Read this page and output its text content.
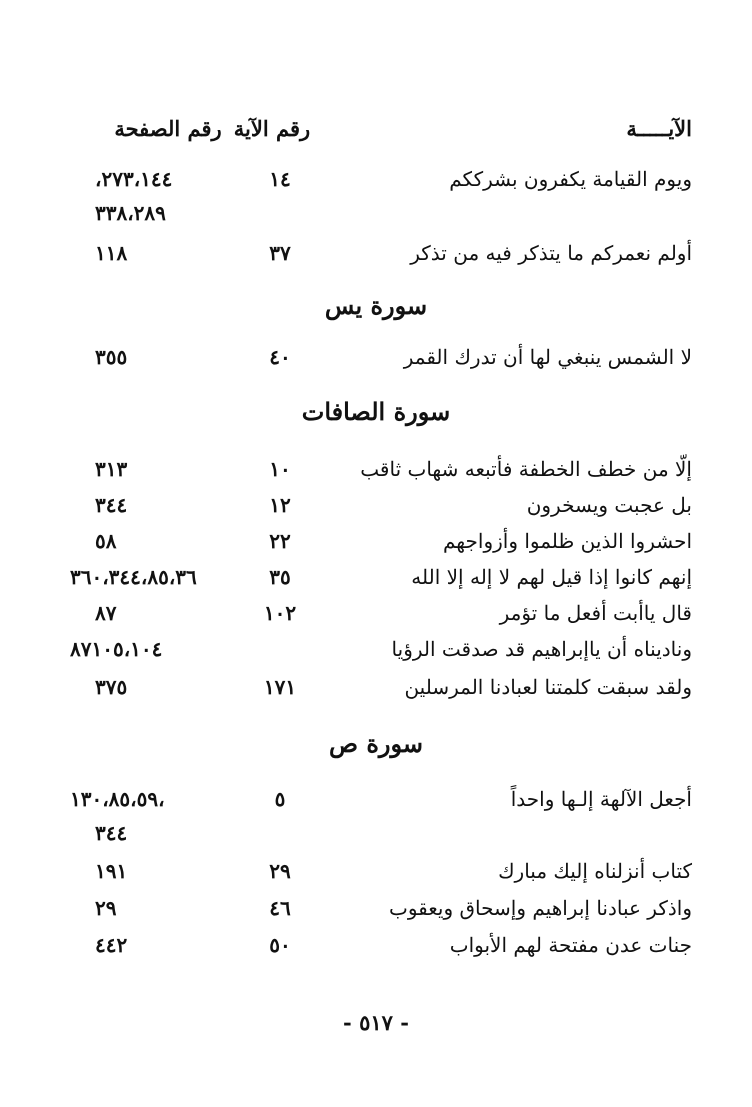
الآيـــــة
رقم الآية
رقم الصفحة
ويوم القيامة يكفرون بشرككم
١٤
٢٧٣،١٤٤،
٣٣٨،٢٨٩
أولم نعمركم ما يتذكر فيه من تذكر
٣٧
١١٨
سورة يس
لا الشمس ينبغي لها أن تدرك القمر
٤٠
٣٥٥
سورة الصافات
إلّا من خطف الخطفة فأتبعه شهاب ثاقب
١٠
٣١٣
بل عجبت ويسخرون
١٢
٣٤٤
احشروا الذين ظلموا وأزواجهم
٢٢
٥٨
إنهم كانوا إذا قيل لهم لا إله إلا الله
٣٥
٣٦٠،٣٤٤،٨٥،٣٦
قال ياأبت أفعل ما تؤمر
١٠٢
٨٧
وناديناه أن ياإبراهيم قد صدقت الرؤيا
٨٧١٠٥،١٠٤
ولقد سبقت كلمتنا لعبادنا المرسلين
١٧١
٣٧٥
سورة ص
أجعل الآلهة إلـها واحداً
٥
،١٣٠،٨٥،٥٩
٣٤٤
كتاب أنزلناه إليك مبارك
٢٩
١٩١
واذكر عبادنا إبراهيم وإسحاق ويعقوب
٤٦
٢٩
جنات عدن مفتحة لهم الأبواب
٥٠
٤٤٢
- ٥١٧ -
